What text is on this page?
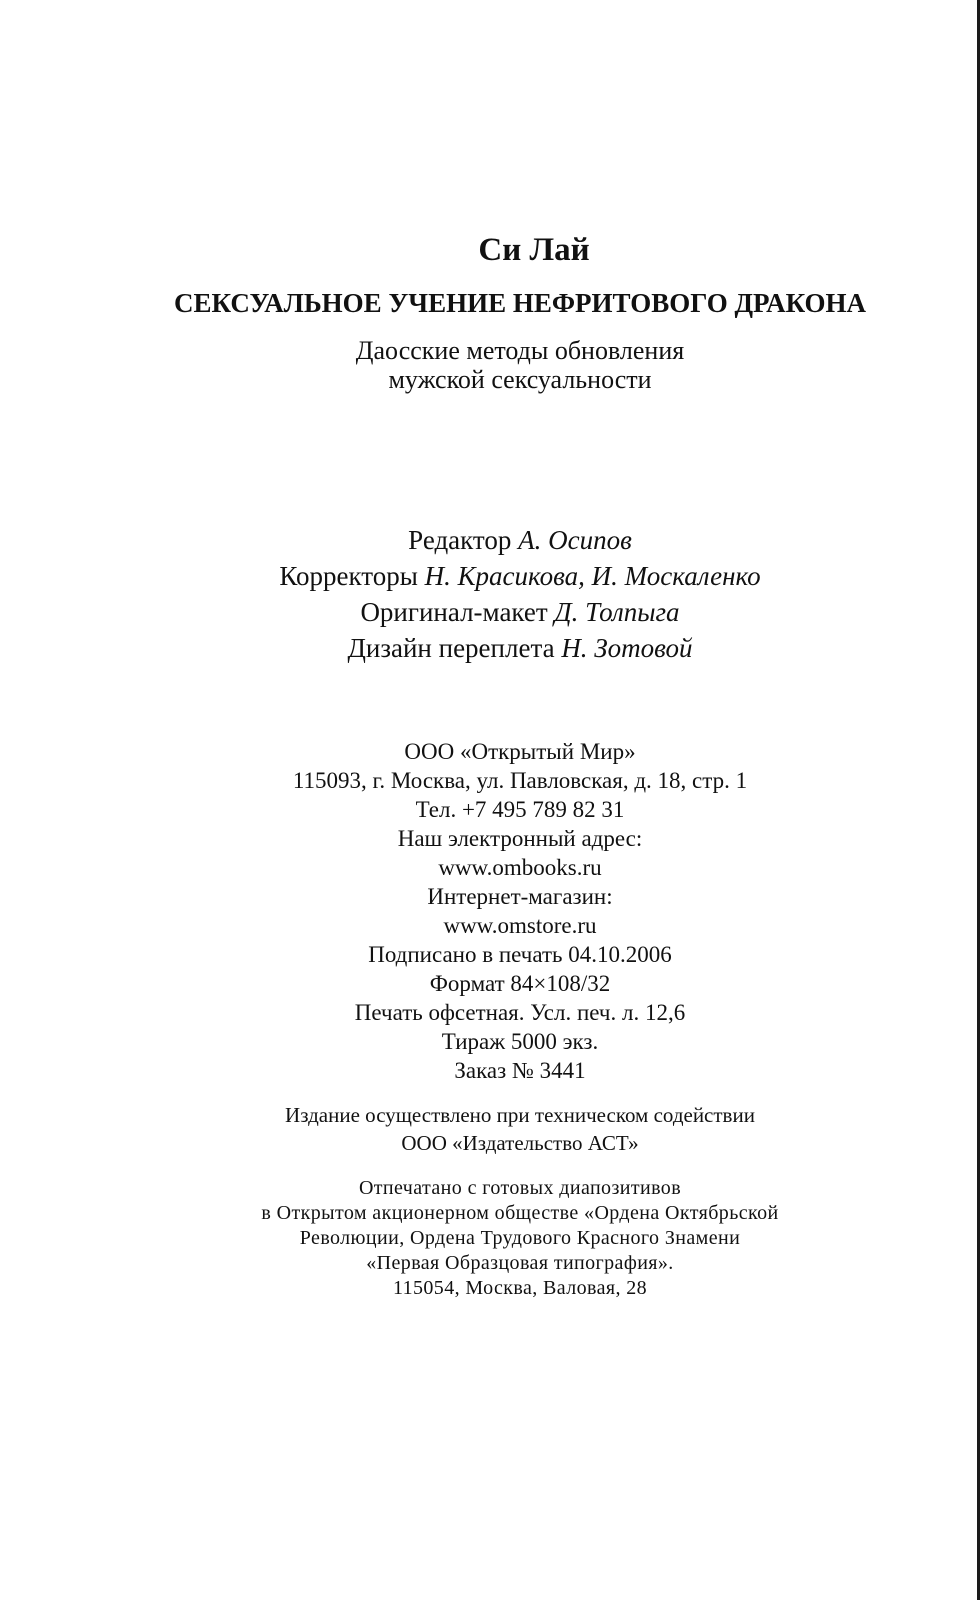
Си Лай
СЕКСУАЛЬНОЕ УЧЕНИЕ НЕФРИТОВОГО ДРАКОНА
Даосские методы обновления
мужской сексуальности
Редактор А. Осипов
Корректоры Н. Красикова, И. Москаленко
Оригинал-макет Д. Толпыга
Дизайн переплета Н. Зотовой
ООО «Открытый Мир»
115093, г. Москва, ул. Павловская, д. 18, стр. 1
Тел. +7 495 789 82 31
Наш электронный адрес:
www.ombooks.ru
Интернет-магазин:
www.omstore.ru
Подписано в печать 04.10.2006
Формат 84×108/32
Печать офсетная. Усл. печ. л. 12,6
Тираж 5000 экз.
Заказ № 3441
Издание осуществлено при техническом содействии
ООО «Издательство АСТ»
Отпечатано с готовых диапозитивов
в Открытом акционерном обществе «Ордена Октябрьской
Революции, Ордена Трудового Красного Знамени
«Первая Образцовая типография».
115054, Москва, Валовая, 28
